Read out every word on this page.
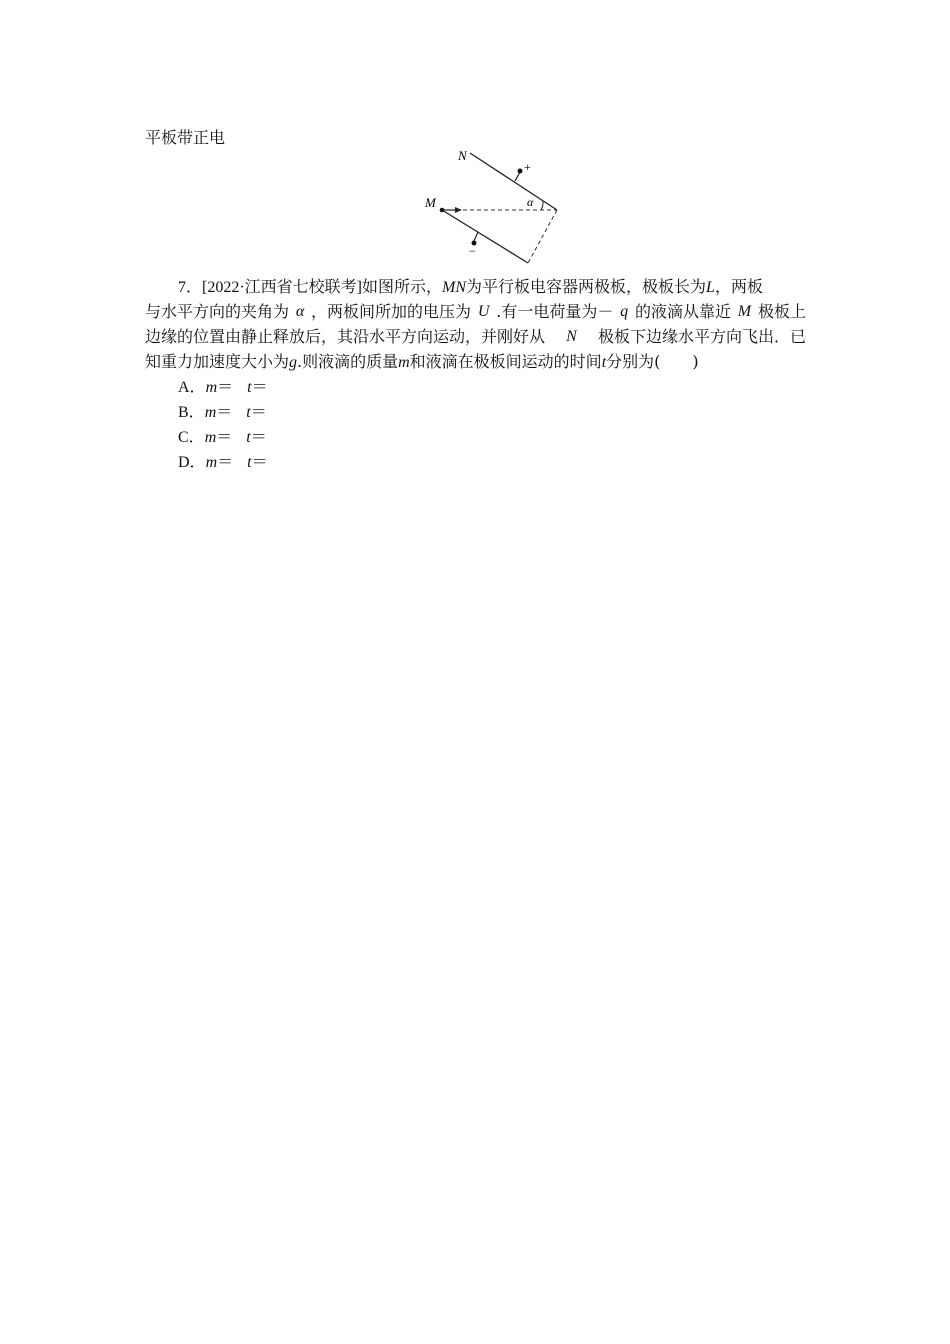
平板带正电
N
+
M	α
−
7．[2022·江西省七校联考]如图所示，MN为平行板电容器两极板，极板长为L，两板
与水平方向的夹角为 α ，两板间所加的电压为 U .有一电荷量为－ q 的液滴从靠近 M 极板上
边缘的位置由静止释放后，其沿水平方向运动，并刚好从 N 极板下边缘水平方向飞出．已
知重力加速度大小为g.则液滴的质量m和液滴在极板间运动的时间t分别为(　　)
A．m＝ t＝
B．m＝ t＝
C．m＝ t＝
D．m＝ t＝
